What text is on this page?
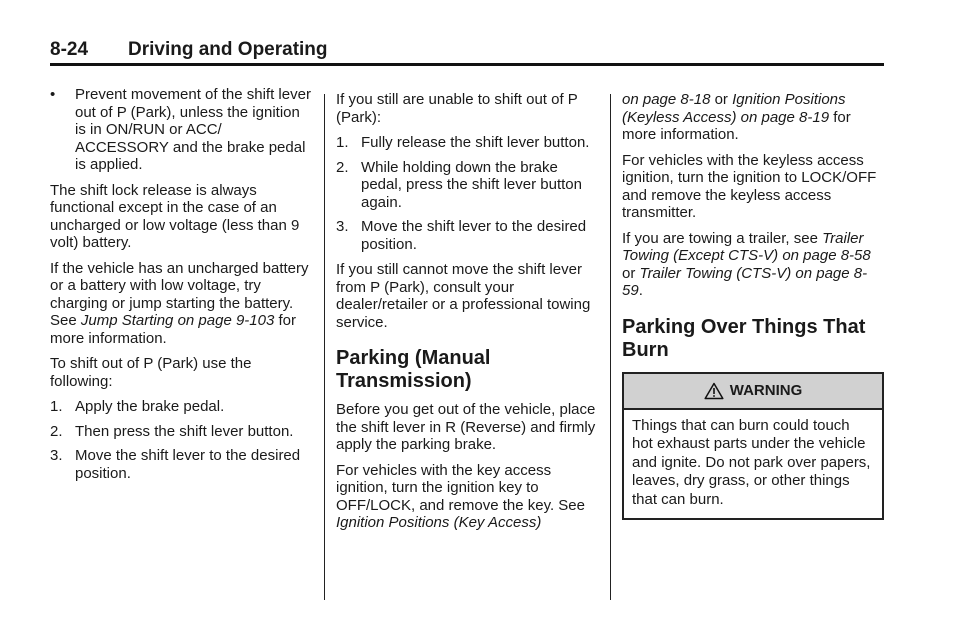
8-24 Driving and Operating
• Prevent movement of the shift lever out of P (Park), unless the ignition is in ON/RUN or ACC/ ACCESSORY and the brake pedal is applied.

The shift lock release is always functional except in the case of an uncharged or low voltage (less than 9 volt) battery.

If the vehicle has an uncharged battery or a battery with low voltage, try charging or jump starting the battery. See Jump Starting on page 9-103 for more information.

To shift out of P (Park) use the following:

1. Apply the brake pedal.
2. Then press the shift lever button.
3. Move the shift lever to the desired position.

If you still are unable to shift out of P (Park):

1. Fully release the shift lever button.
2. While holding down the brake pedal, press the shift lever button again.
3. Move the shift lever to the desired position.

If you still cannot move the shift lever from P (Park), consult your dealer/retailer or a professional towing service.

Parking (Manual Transmission)

Before you get out of the vehicle, place the shift lever in R (Reverse) and firmly apply the parking brake.

For vehicles with the key access ignition, turn the ignition key to OFF/LOCK, and remove the key. See Ignition Positions (Key Access)

on page 8-18 or Ignition Positions (Keyless Access) on page 8-19 for more information.

For vehicles with the keyless access ignition, turn the ignition to LOCK/OFF and remove the keyless access transmitter.

If you are towing a trailer, see Trailer Towing (Except CTS-V) on page 8-58 or Trailer Towing (CTS-V) on page 8-59.

Parking Over Things That Burn
WARNING
Things that can burn could touch hot exhaust parts under the vehicle and ignite. Do not park over papers, leaves, dry grass, or other things that can burn.
